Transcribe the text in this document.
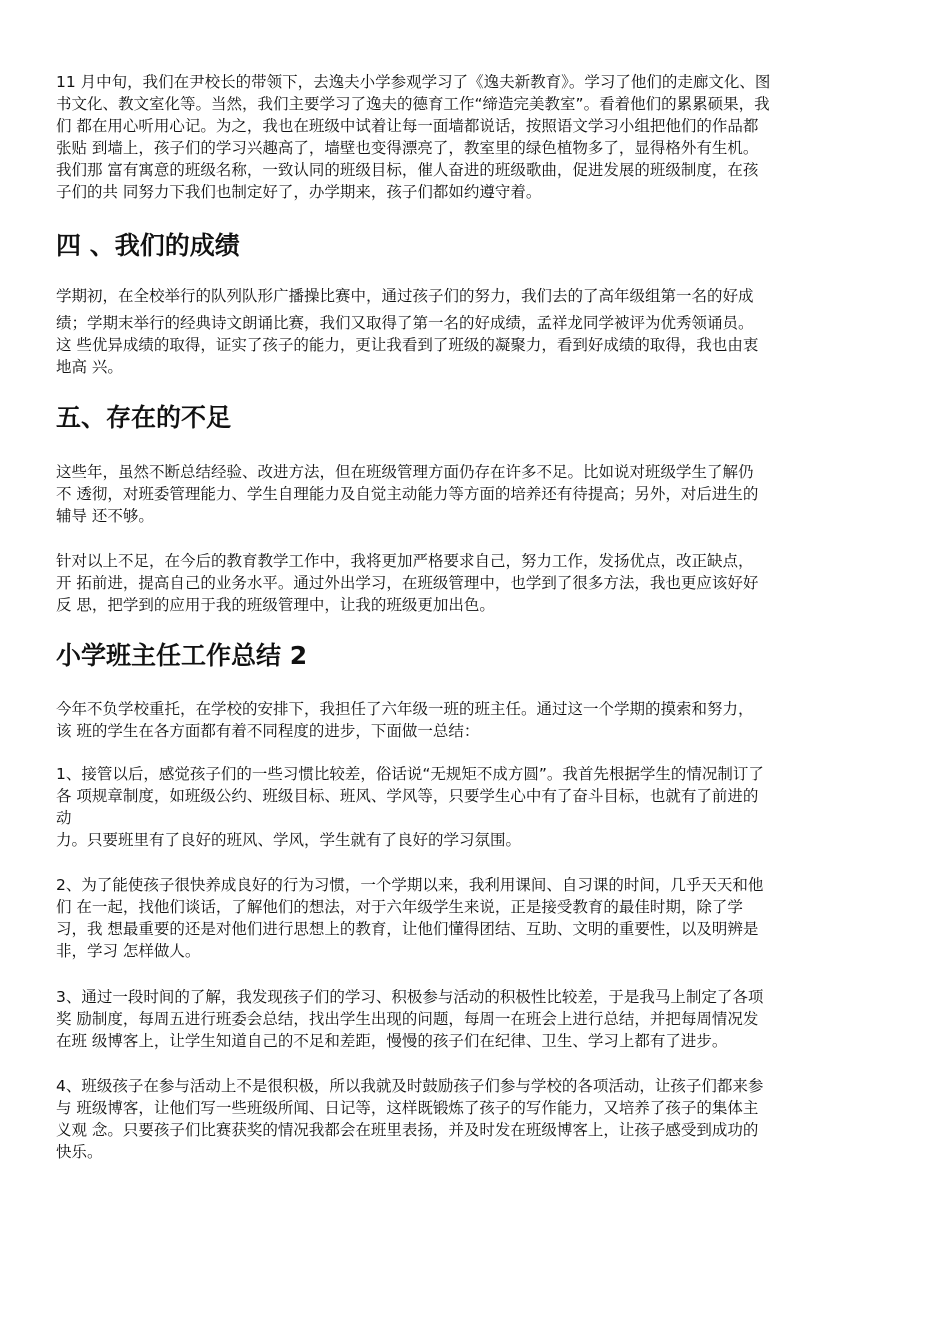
11 月中旬，我们在尹校长的带领下，去逸夫小学参观学习了《逸夫新教育》。学习了他们的走廊文化、图
书文化、教文室化等。当然，我们主要学习了逸夫的德育工作“缔造完美教室”。看着他们的累累硕果，我
们 都在用心听用心记。为之，我也在班级中试着让每一面墙都说话，按照语文学习小组把他们的作品都
张贴 到墙上，孩子们的学习兴趣高了，墙壁也变得漂亮了，教室里的绿色植物多了，显得格外有生机。
我们那 富有寓意的班级名称，一致认同的班级目标，催人奋进的班级歌曲，促进发展的班级制度，在孩
子们的共 同努力下我们也制定好了，办学期来，孩子们都如约遵守着。
四 、我们的成绩
学期初，在全校举行的队列队形广播操比赛中，通过孩子们的努力，我们去的了高年级组第一名的好成
绩；学期末举行的经典诗文朗诵比赛，我们又取得了第一名的好成绩，孟祥龙同学被评为优秀领诵员。
这 些优异成绩的取得，证实了孩子的能力，更让我看到了班级的凝聚力，看到好成绩的取得，我也由衷
地高 兴。
五、存在的不足
这些年，虽然不断总结经验、改进方法，但在班级管理方面仍存在许多不足。比如说对班级学生了解仍
不 透彻，对班委管理能力、学生自理能力及自觉主动能力等方面的培养还有待提高；另外，对后进生的
辅导 还不够。
针对以上不足，在今后的教育教学工作中，我将更加严格要求自己，努力工作，发扬优点，改正缺点，
开 拓前进，提高自己的业务水平。通过外出学习，在班级管理中，也学到了很多方法，我也更应该好好
反 思，把学到的应用于我的班级管理中，让我的班级更加出色。
小学班主任工作总结 2
今年不负学校重托，在学校的安排下，我担任了六年级一班的班主任。通过这一个学期的摸索和努力，
该 班的学生在各方面都有着不同程度的进步，下面做一总结：
1、接管以后，感觉孩子们的一些习惯比较差，俗话说“无规矩不成方圆”。我首先根据学生的情况制订了
各 项规章制度，如班级公约、班级目标、班风、学风等，只要学生心中有了奋斗目标，也就有了前进的
动
力。只要班里有了良好的班风、学风，学生就有了良好的学习氛围。
2、为了能使孩子很快养成良好的行为习惯，一个学期以来，我利用课间、自习课的时间，几乎天天和他
们 在一起，找他们谈话，了解他们的想法，对于六年级学生来说，正是接受教育的最佳时期，除了学
习，我 想最重要的还是对他们进行思想上的教育，让他们懂得团结、互助、文明的重要性，以及明辨是
非，学习 怎样做人。
3、通过一段时间的了解，我发现孩子们的学习、积极参与活动的积极性比较差，于是我马上制定了各项
奖 励制度，每周五进行班委会总结，找出学生出现的问题，每周一在班会上进行总结，并把每周情况发
在班 级博客上，让学生知道自己的不足和差距，慢慢的孩子们在纪律、卫生、学习上都有了进步。
4、班级孩子在参与活动上不是很积极，所以我就及时鼓励孩子们参与学校的各项活动，让孩子们都来参
与 班级博客，让他们写一些班级所闻、日记等，这样既锻炼了孩子的写作能力，又培养了孩子的集体主
义观 念。只要孩子们比赛获奖的情况我都会在班里表扬，并及时发在班级博客上，让孩子感受到成功的
快乐。
